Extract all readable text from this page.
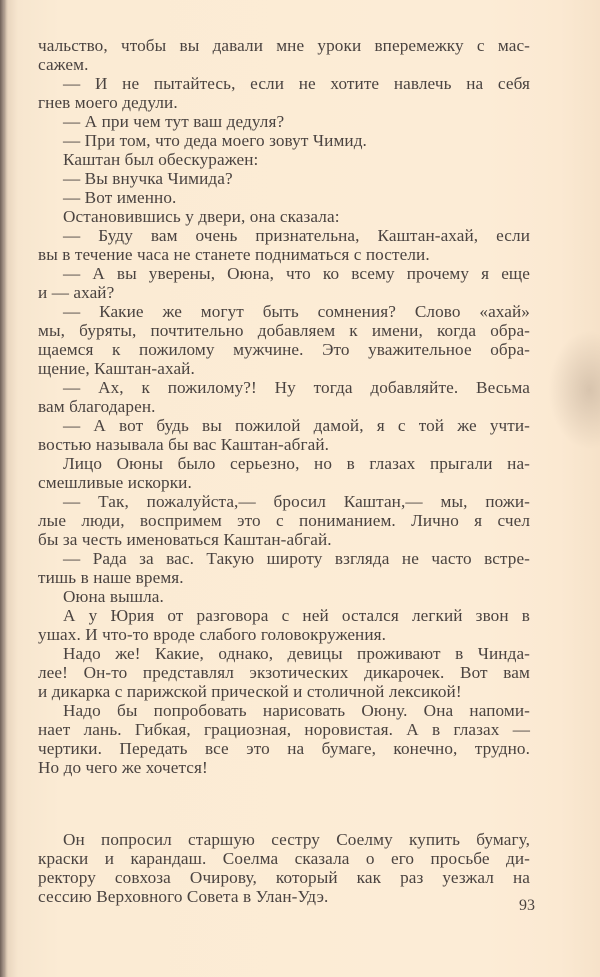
чальство, чтобы вы давали мне уроки вперемежку с мас-
сажем.
— И не пытайтесь, если не хотите навлечь на себя
гнев моего дедули.
— А при чем тут ваш дедуля?
— При том, что деда моего зовут Чимид.
Каштан был обескуражен:
— Вы внучка Чимида?
— Вот именно.
Остановившись у двери, она сказала:
— Буду вам очень признательна, Каштан-ахай, если
вы в течение часа не станете подниматься с постели.
— А вы уверены, Оюна, что ко всему прочему я еще
и — ахай?
— Какие же могут быть сомнения? Слово «ахай»
мы, буряты, почтительно добавляем к имени, когда обра-
щаемся к пожилому мужчине. Это уважительное обра-
щение, Каштан-ахай.
— Ах, к пожилому?! Ну тогда добавляйте. Весьма
вам благодарен.
— А вот будь вы пожилой дамой, я с той же учти-
востью называла бы вас Каштан-абгай.
Лицо Оюны было серьезно, но в глазах прыгали на-
смешливые искорки.
— Так, пожалуйста,— бросил Каштан,— мы, пожи-
лые люди, воспримем это с пониманием. Лично я счел
бы за честь именоваться Каштан-абгай.
— Рада за вас. Такую широту взгляда не часто встре-
тишь в наше время.
Оюна вышла.
А у Юрия от разговора с ней остался легкий звон в
ушах. И что-то вроде слабого головокружения.
Надо же! Какие, однако, девицы проживают в Чинда-
лее! Он-то представлял экзотических дикарочек. Вот вам
и дикарка с парижской прической и столичной лексикой!
Надо бы попробовать нарисовать Оюну. Она напоми-
нает лань. Гибкая, грациозная, норовистая. А в глазах —
чертики. Передать все это на бумаге, конечно, трудно.
Но до чего же хочется!
Он попросил старшую сестру Соелму купить бумагу,
краски и карандаш. Соелма сказала о его просьбе ди-
ректору совхоза Очирову, который как раз уезжал на
сессию Верховного Совета в Улан-Удэ.	93
